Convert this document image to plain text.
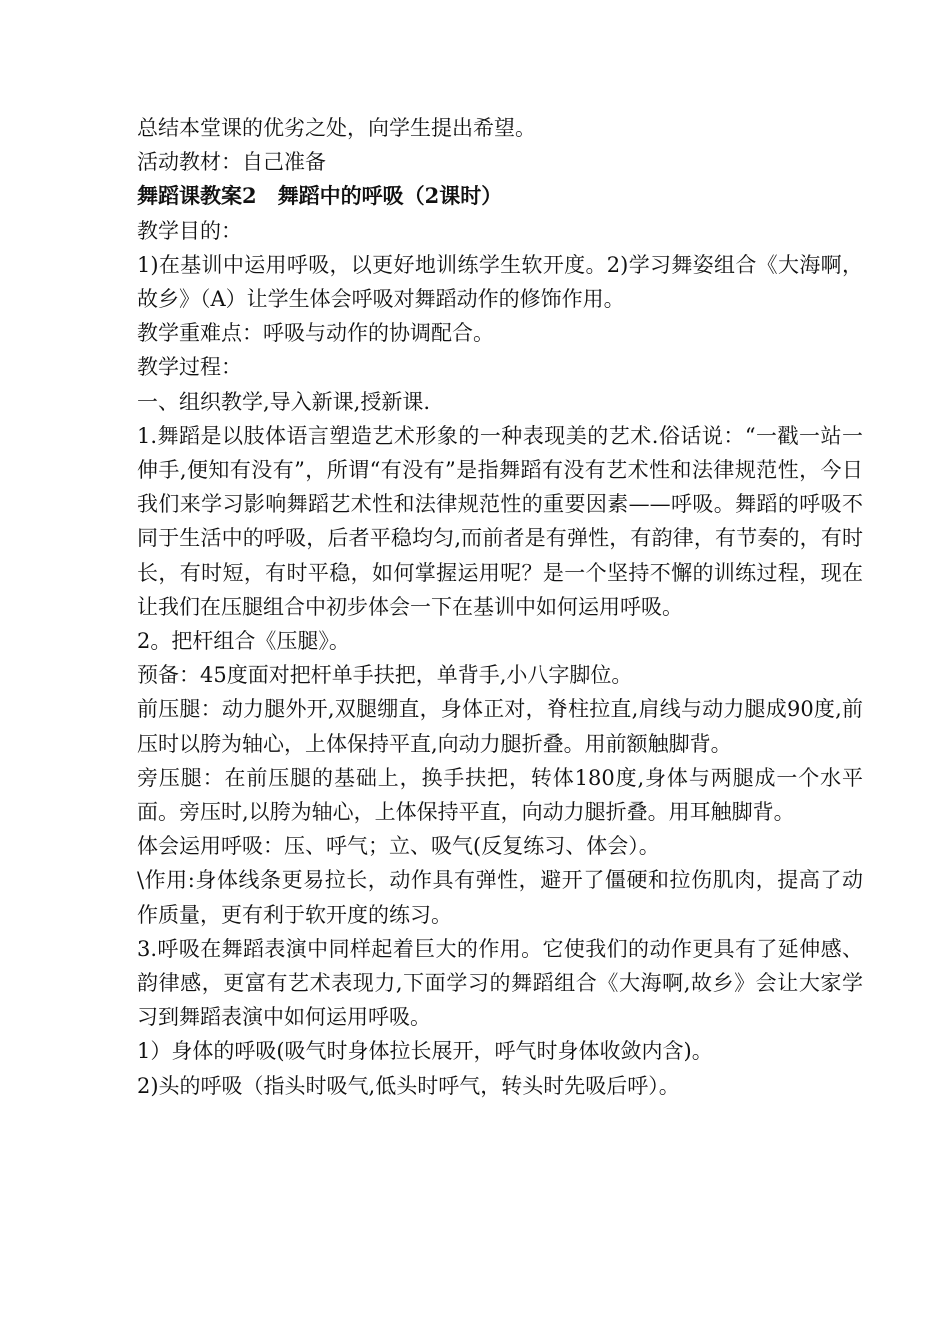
总结本堂课的优劣之处，向学生提出希望。

活动教材：自己准备

舞蹈课教案2　舞蹈中的呼吸（2课时）

教学目的：

1)在基训中运用呼吸，以更好地训练学生软开度。2)学习舞姿组合《大海啊，故乡》（A）让学生体会呼吸对舞蹈动作的修饰作用。

教学重难点：呼吸与动作的协调配合。

教学过程：

一、组织教学,导入新课,授新课.

1.舞蹈是以肢体语言塑造艺术形象的一种表现美的艺术.俗话说：“一戳一站一伸手,便知有没有”，所谓“有没有”是指舞蹈有没有艺术性和法律规范性，今日我们来学习影响舞蹈艺术性和法律规范性的重要因素——呼吸。舞蹈的呼吸不同于生活中的呼吸，后者平稳均匀,而前者是有弹性，有韵律，有节奏的，有时长，有时短，有时平稳，如何掌握运用呢？是一个坚持不懈的训练过程，现在让我们在压腿组合中初步体会一下在基训中如何运用呼吸。

2。把杆组合《压腿》。

预备：45度面对把杆单手扶把，单背手,小八字脚位。

前压腿：动力腿外开,双腿绷直，身体正对，脊柱拉直,肩线与动力腿成90度,前压时以胯为轴心，上体保持平直,向动力腿折叠。用前额触脚背。

旁压腿：在前压腿的基础上，换手扶把，转体180度,身体与两腿成一个水平面。旁压时,以胯为轴心，上体保持平直，向动力腿折叠。用耳触脚背。

体会运用呼吸：压、呼气；立、吸气(反复练习、体会）。

\作用:身体线条更易拉长，动作具有弹性，避开了僵硬和拉伤肌肉，提高了动作质量，更有利于软开度的练习。

3.呼吸在舞蹈表演中同样起着巨大的作用。它使我们的动作更具有了延伸感、韵律感，更富有艺术表现力,下面学习的舞蹈组合《大海啊,故乡》会让大家学习到舞蹈表演中如何运用呼吸。

1）身体的呼吸(吸气时身体拉长展开，呼气时身体收敛内含)。

2)头的呼吸（指头时吸气,低头时呼气，转头时先吸后呼）。
